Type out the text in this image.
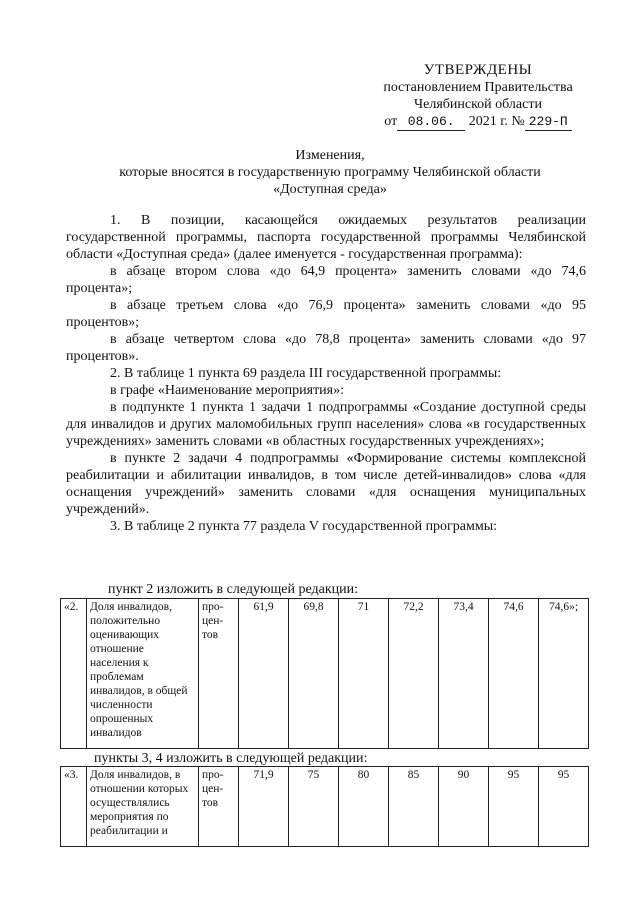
УТВЕРЖДЕНЫ
постановлением Правительства
Челябинской области
от 08.06. 2021 г. № 229-П
Изменения,
которые вносятся в государственную программу Челябинской области
«Доступная среда»

1. В позиции, касающейся ожидаемых результатов реализации государственной программы, паспорта государственной программы Челябинской области «Доступная среда» (далее именуется - государственная программа):

в абзаце втором слова «до 64,9 процента» заменить словами «до 74,6 процента»;

в абзаце третьем слова «до 76,9 процента» заменить словами «до 95 процентов»;

в абзаце четвертом слова «до 78,8 процента» заменить словами «до 97 процентов».

2. В таблице 1 пункта 69 раздела III государственной программы:

в графе «Наименование мероприятия»:

в подпункте 1 пункта 1 задачи 1 подпрограммы «Создание доступной среды для инвалидов и других маломобильных групп населения» слова «в государственных учреждениях» заменить словами «в областных государственных учреждениях»;

в пункте 2 задачи 4 подпрограммы «Формирование системы комплексной реабилитации и абилитации инвалидов, в том числе детей-инвалидов» слова «для оснащения учреждений» заменить словами «для оснащения муниципальных учреждений».

3. В таблице 2 пункта 77 раздела V государственной программы:

пункт 2 изложить в следующей редакции:
«2.	Доля инвалидов, положительно оценивающих отношение населения к проблемам инвалидов, в общей численности опрошенных инвалидов	про-цен-тов	61,9	69,8	71	72,2	73,4	74,6	74,6»;
пункты 3, 4 изложить в следующей редакции:
«3.	Доля инвалидов, в отношении которых осуществлялись мероприятия по реабилитации и	про-цен-тов	71,9	75	80	85	90	95	95
